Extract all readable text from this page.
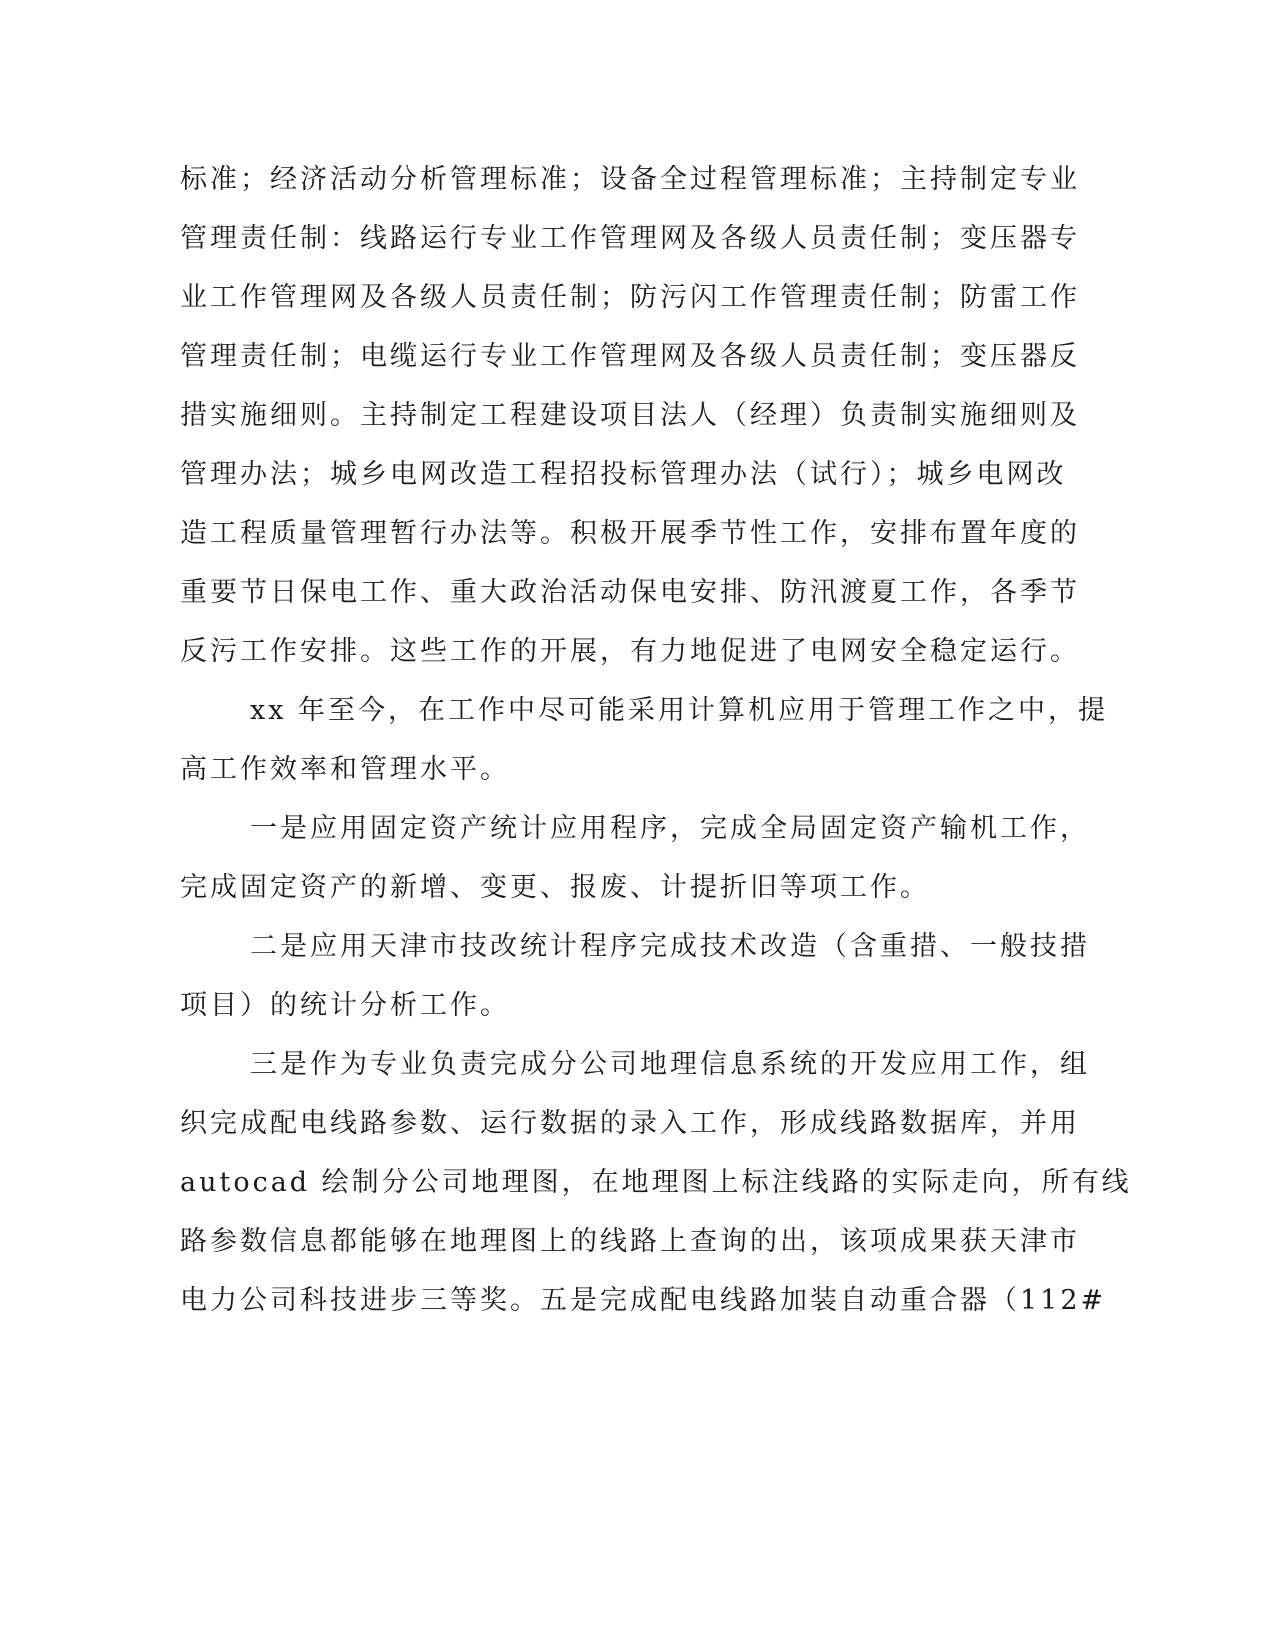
标准；经济活动分析管理标准；设备全过程管理标准；主持制定专业
管理责任制：线路运行专业工作管理网及各级人员责任制；变压器专
业工作管理网及各级人员责任制；防污闪工作管理责任制；防雷工作
管理责任制；电缆运行专业工作管理网及各级人员责任制；变压器反
措实施细则。主持制定工程建设项目法人（经理）负责制实施细则及
管理办法；城乡电网改造工程招投标管理办法（试行）；城乡电网改
造工程质量管理暂行办法等。积极开展季节性工作，安排布置年度的
重要节日保电工作、重大政治活动保电安排、防汛渡夏工作，各季节
反污工作安排。这些工作的开展，有力地促进了电网安全稳定运行。
xx 年至今，在工作中尽可能采用计算机应用于管理工作之中，提
高工作效率和管理水平。
一是应用固定资产统计应用程序，完成全局固定资产输机工作，
完成固定资产的新增、变更、报废、计提折旧等项工作。
二是应用天津市技改统计程序完成技术改造（含重措、一般技措
项目）的统计分析工作。
三是作为专业负责完成分公司地理信息系统的开发应用工作，组
织完成配电线路参数、运行数据的录入工作，形成线路数据库，并用
autocad 绘制分公司地理图，在地理图上标注线路的实际走向，所有线
路参数信息都能够在地理图上的线路上查询的出，该项成果获天津市
电力公司科技进步三等奖。五是完成配电线路加装自动重合器（112#
